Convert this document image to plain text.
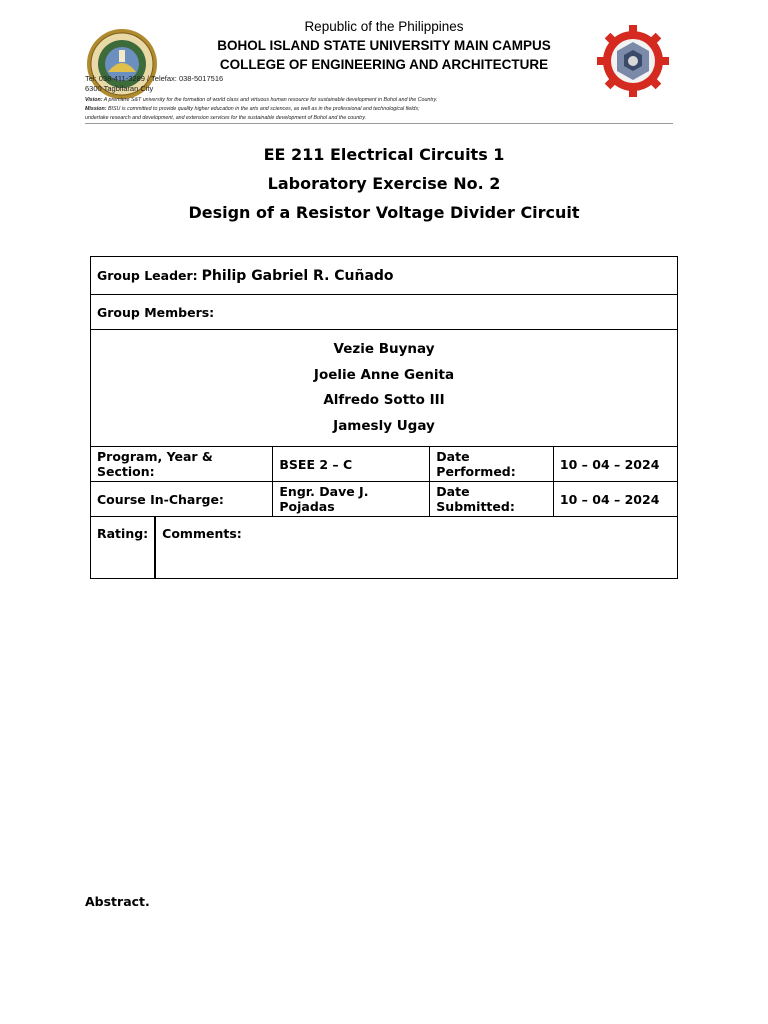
Republic of the Philippines
BOHOL ISLAND STATE UNIVERSITY MAIN CAMPUS
COLLEGE OF ENGINEERING AND ARCHITECTURE
Tel: 038-411-3289 / Telefax: 038-5017516
6300 Tagbilaran City
Vision: A premiere S&T university for the formation of world class and virtuous human resource for sustainable development in Bohol and the Country.
Mission: BISU is committed to provide quality higher education in the arts and sciences, as well as in the professional and technological fields;
undertake research and development, and extension services for the sustainable development of Bohol and the country.
EE 211 Electrical Circuits 1
Laboratory Exercise No. 2
Design of a Resistor Voltage Divider Circuit
Group Leader: Philip Gabriel R. Cuñado				
Group Members:				

Vezie Buynay
Joelie Anne Genita
Alfredo Sotto III
Jamesly Ugay				

Program, Year & Section:		BSEE 2 – C	Date Performed:	10 – 04 – 2024
Course In-Charge:		Engr. Dave J. Pojadas	Date Submitted:	10 – 04 – 2024
Rating:	Comments:			
Abstract.
